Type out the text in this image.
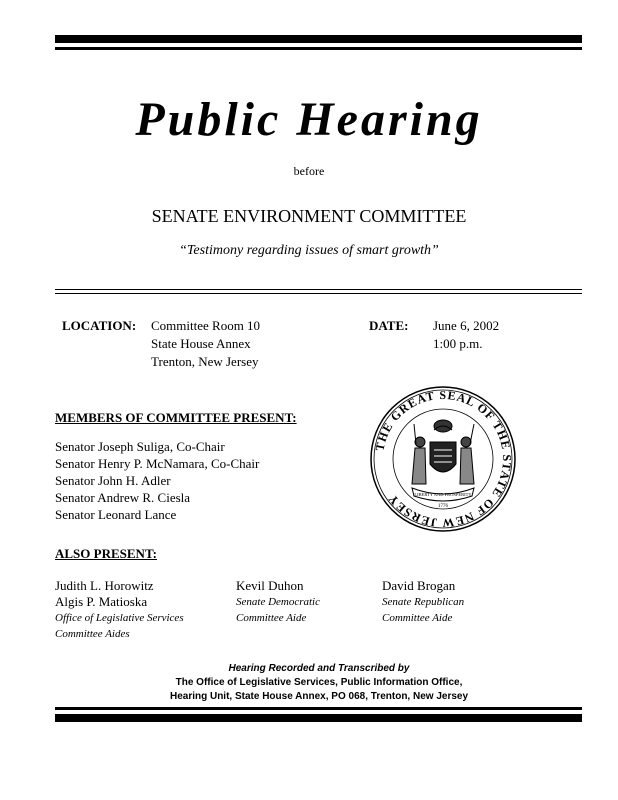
Public Hearing
before
SENATE ENVIRONMENT COMMITTEE
“Testimony regarding issues of smart growth”
LOCATION: Committee Room 10
State House Annex
Trenton, New Jersey
DATE: June 6, 2002
1:00 p.m.
MEMBERS OF COMMITTEE PRESENT:
Senator Joseph Suliga, Co-Chair
Senator Henry P. McNamara, Co-Chair
Senator John H. Adler
Senator Andrew R. Ciesla
Senator Leonard Lance
THE GREAT SEAL OF THE STATE OF NEW JERSEY	LIBERTY AND PROSPERITY
1776
ALSO PRESENT:
Judith L. Horowitz
Algis P. Matioska
Office of Legislative Services
Committee Aides
Kevil Duhon
Senate Democratic
Committee Aide
David Brogan
Senate Republican
Committee Aide
Hearing Recorded and Transcribed by
The Office of Legislative Services, Public Information Office,
Hearing Unit, State House Annex, PO 068, Trenton, New Jersey
